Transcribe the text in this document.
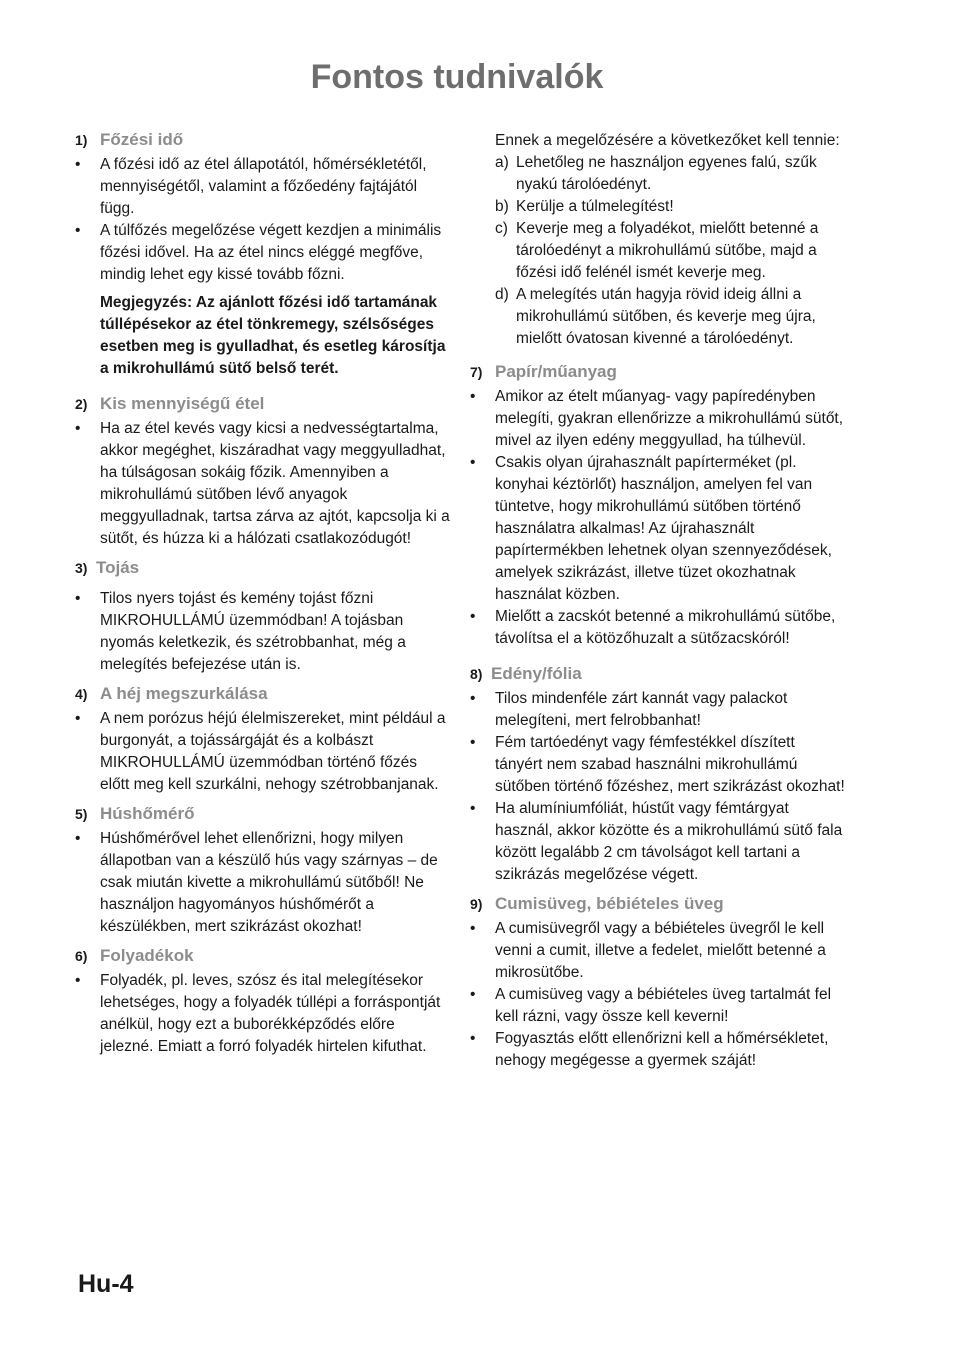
Fontos tudnivalók
1) Főzési idő
•	A főzési idő az étel állapotától, hőmérsékletétől, mennyiségétől, valamint a főzőedény fajtájától függ.
•	A túlfőzés megelőzése végett kezdjen a minimális főzési idővel. Ha az étel nincs eléggé megfőve, mindig lehet egy kissé tovább főzni.
Megjegyzés: Az ajánlott főzési idő tartamának túllépésekor az étel tönkremegy, szélsőséges esetben meg is gyulladhat, és esetleg károsítja a mikrohullámú sütő belső terét.
2) Kis mennyiségű étel
•	Ha az étel kevés vagy kicsi a nedvességtartalma, akkor megéghet, kiszáradhat vagy meggyulladhat, ha túlságosan sokáig főzik. Amennyiben a mikrohullámú sütőben lévő anyagok meggyulladnak, tartsa zárva az ajtót, kapcsolja ki a sütőt, és húzza ki a hálózati csatlakozódugót!
3) Tojás
•	Tilos nyers tojást és kemény tojást főzni MIKROHULLÁMÚ üzemmódban! A tojásban nyomás keletkezik, és szétrobbanhat, még a melegítés befejezése után is.
4) A héj megszurkálása
•	A nem porózus héjú élelmiszereket, mint például a burgonyát, a tojássárgáját és a kolbászt MIKROHULLÁMÚ üzemmódban történő főzés előtt meg kell szurkálni, nehogy szétrobbanjanak.
5) Húshőmérő
•	Húshőmérővel lehet ellenőrizni, hogy milyen állapotban van a készülő hús vagy szárnyas – de csak miután kivette a mikrohullámú sütőből! Ne használjon hagyományos húshőmérőt a készülékben, mert szikrázást okozhat!
6) Folyadékok
•	Folyadék, pl. leves, szósz és ital melegítésekor lehetséges, hogy a folyadék túllépi a forráspontját anélkül, hogy ezt a buborékképződés előre jelezné. Emiatt a forró folyadék hirtelen kifuthat.
Ennek a megelőzésére a következőket kell tennie:
a) Lehetőleg ne használjon egyenes falú, szűk nyakú tárolóedényt.
b) Kerülje a túlmelegítést!
c) Keverje meg a folyadékot, mielőtt betenné a tárolóedényt a mikrohullámú sütőbe, majd a főzési idő felénél ismét keverje meg.
d) A melegítés után hagyja rövid ideig állni a mikrohullámú sütőben, és keverje meg újra, mielőtt óvatosan kivenné a tárolóedényt.
7) Papír/műanyag
•	Amikor az ételt műanyag- vagy papíredényben melegíti, gyakran ellenőrizze a mikrohullámú sütőt, mivel az ilyen edény meggyullad, ha túlhevül.
•	Csakis olyan újrahasznált papírterméket (pl. konyhai kéztörlőt) használjon, amelyen fel van tüntetve, hogy mikrohullámú sütőben történő használatra alkalmas! Az újrahasznált papírtermékben lehetnek olyan szennyeződések, amelyek szikrázást, illetve tüzet okozhatnak használat közben.
•	Mielőtt a zacskót betenné a mikrohullámú sütőbe, távolítsa el a kötözőhuzalt a sütőzacskóról!
8) Edény/fólia
•	Tilos mindenféle zárt kannát vagy palackot melegíteni, mert felrobbanhat!
•	Fém tartóedényt vagy fémfestékkel díszített tányért nem szabad használni mikrohullámú sütőben történő főzéshez, mert szikrázást okozhat!
•	Ha alumíniumfóliát, hústűt vagy fémtárgyat használ, akkor közötte és a mikrohullámú sütő fala között legalább 2 cm távolságot kell tartani a szikrázás megelőzése végett.
9) Cumisüveg, bébiételes üveg
•	A cumisüvegről vagy a bébiételes üvegről le kell venni a cumit, illetve a fedelet, mielőtt betenné a mikrosütőbe.
•	A cumisüveg vagy a bébiételes üveg tartalmát fel kell rázni, vagy össze kell keverni!
•	Fogyasztás előtt ellenőrizni kell a hőmérsékletet, nehogy megégesse a gyermek száját!
Hu-4
